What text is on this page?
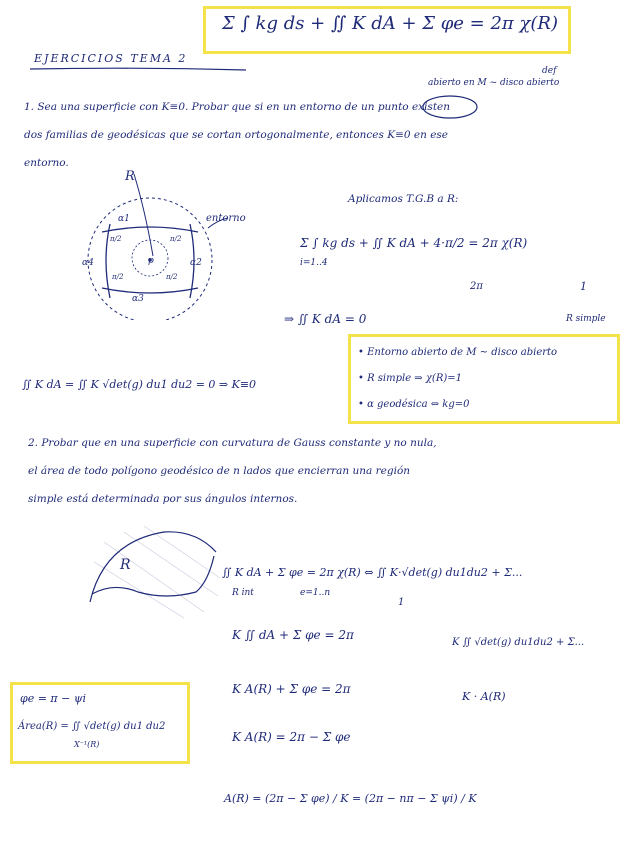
Σ ∫ kg ds + ∬ K dA + Σ φe = 2π χ(R)
EJERCICIOS TEMA 2
abierto en M ~ disco abierto
def
1. Sea una superficie con K≡0. Probar que si en un entorno de un punto existen
dos familias de geodésicas que se cortan ortogonalmente, entonces K≡0 en ese
entorno.
R
entorno
α1
α2
α3
α4	p
π/2	π/2
π/2	π/2
Aplicamos T.G.B a R:
Σ ∫ kg ds + ∬ K dA + 4·π/2 = 2π χ(R)
i=1..4
2π	1
R simple
⇒ ∬ K dA = 0
• Entorno abierto de M ~ disco abierto
• R simple ⇒ χ(R)=1
• α geodésica ⇔ kg=0
∬ K dA = ∬ K √det(g) du1 du2 = 0 ⇒ K≡0
2. Probar que en una superficie con curvatura de Gauss constante y no nula,
el área de todo polígono geodésico de n lados que encierran una región
simple está determinada por sus ángulos internos.
R	∬ K dA + Σ φe = 2π χ(R) ⇔ ∬ K·√det(g) du1du2 + Σ...
R int	e=1..n
1
K ∬ dA + Σ φe = 2π
K ∬ √det(g) du1du2 + Σ...
K A(R) + Σ φe = 2π
K · A(R)
K A(R) = 2π − Σ φe
A(R) = (2π − Σ φe) / K = (2π − nπ − Σ ψi) / K
φe = π − ψi
Área(R) = ∬ √det(g) du1 du2
X⁻¹(R)
